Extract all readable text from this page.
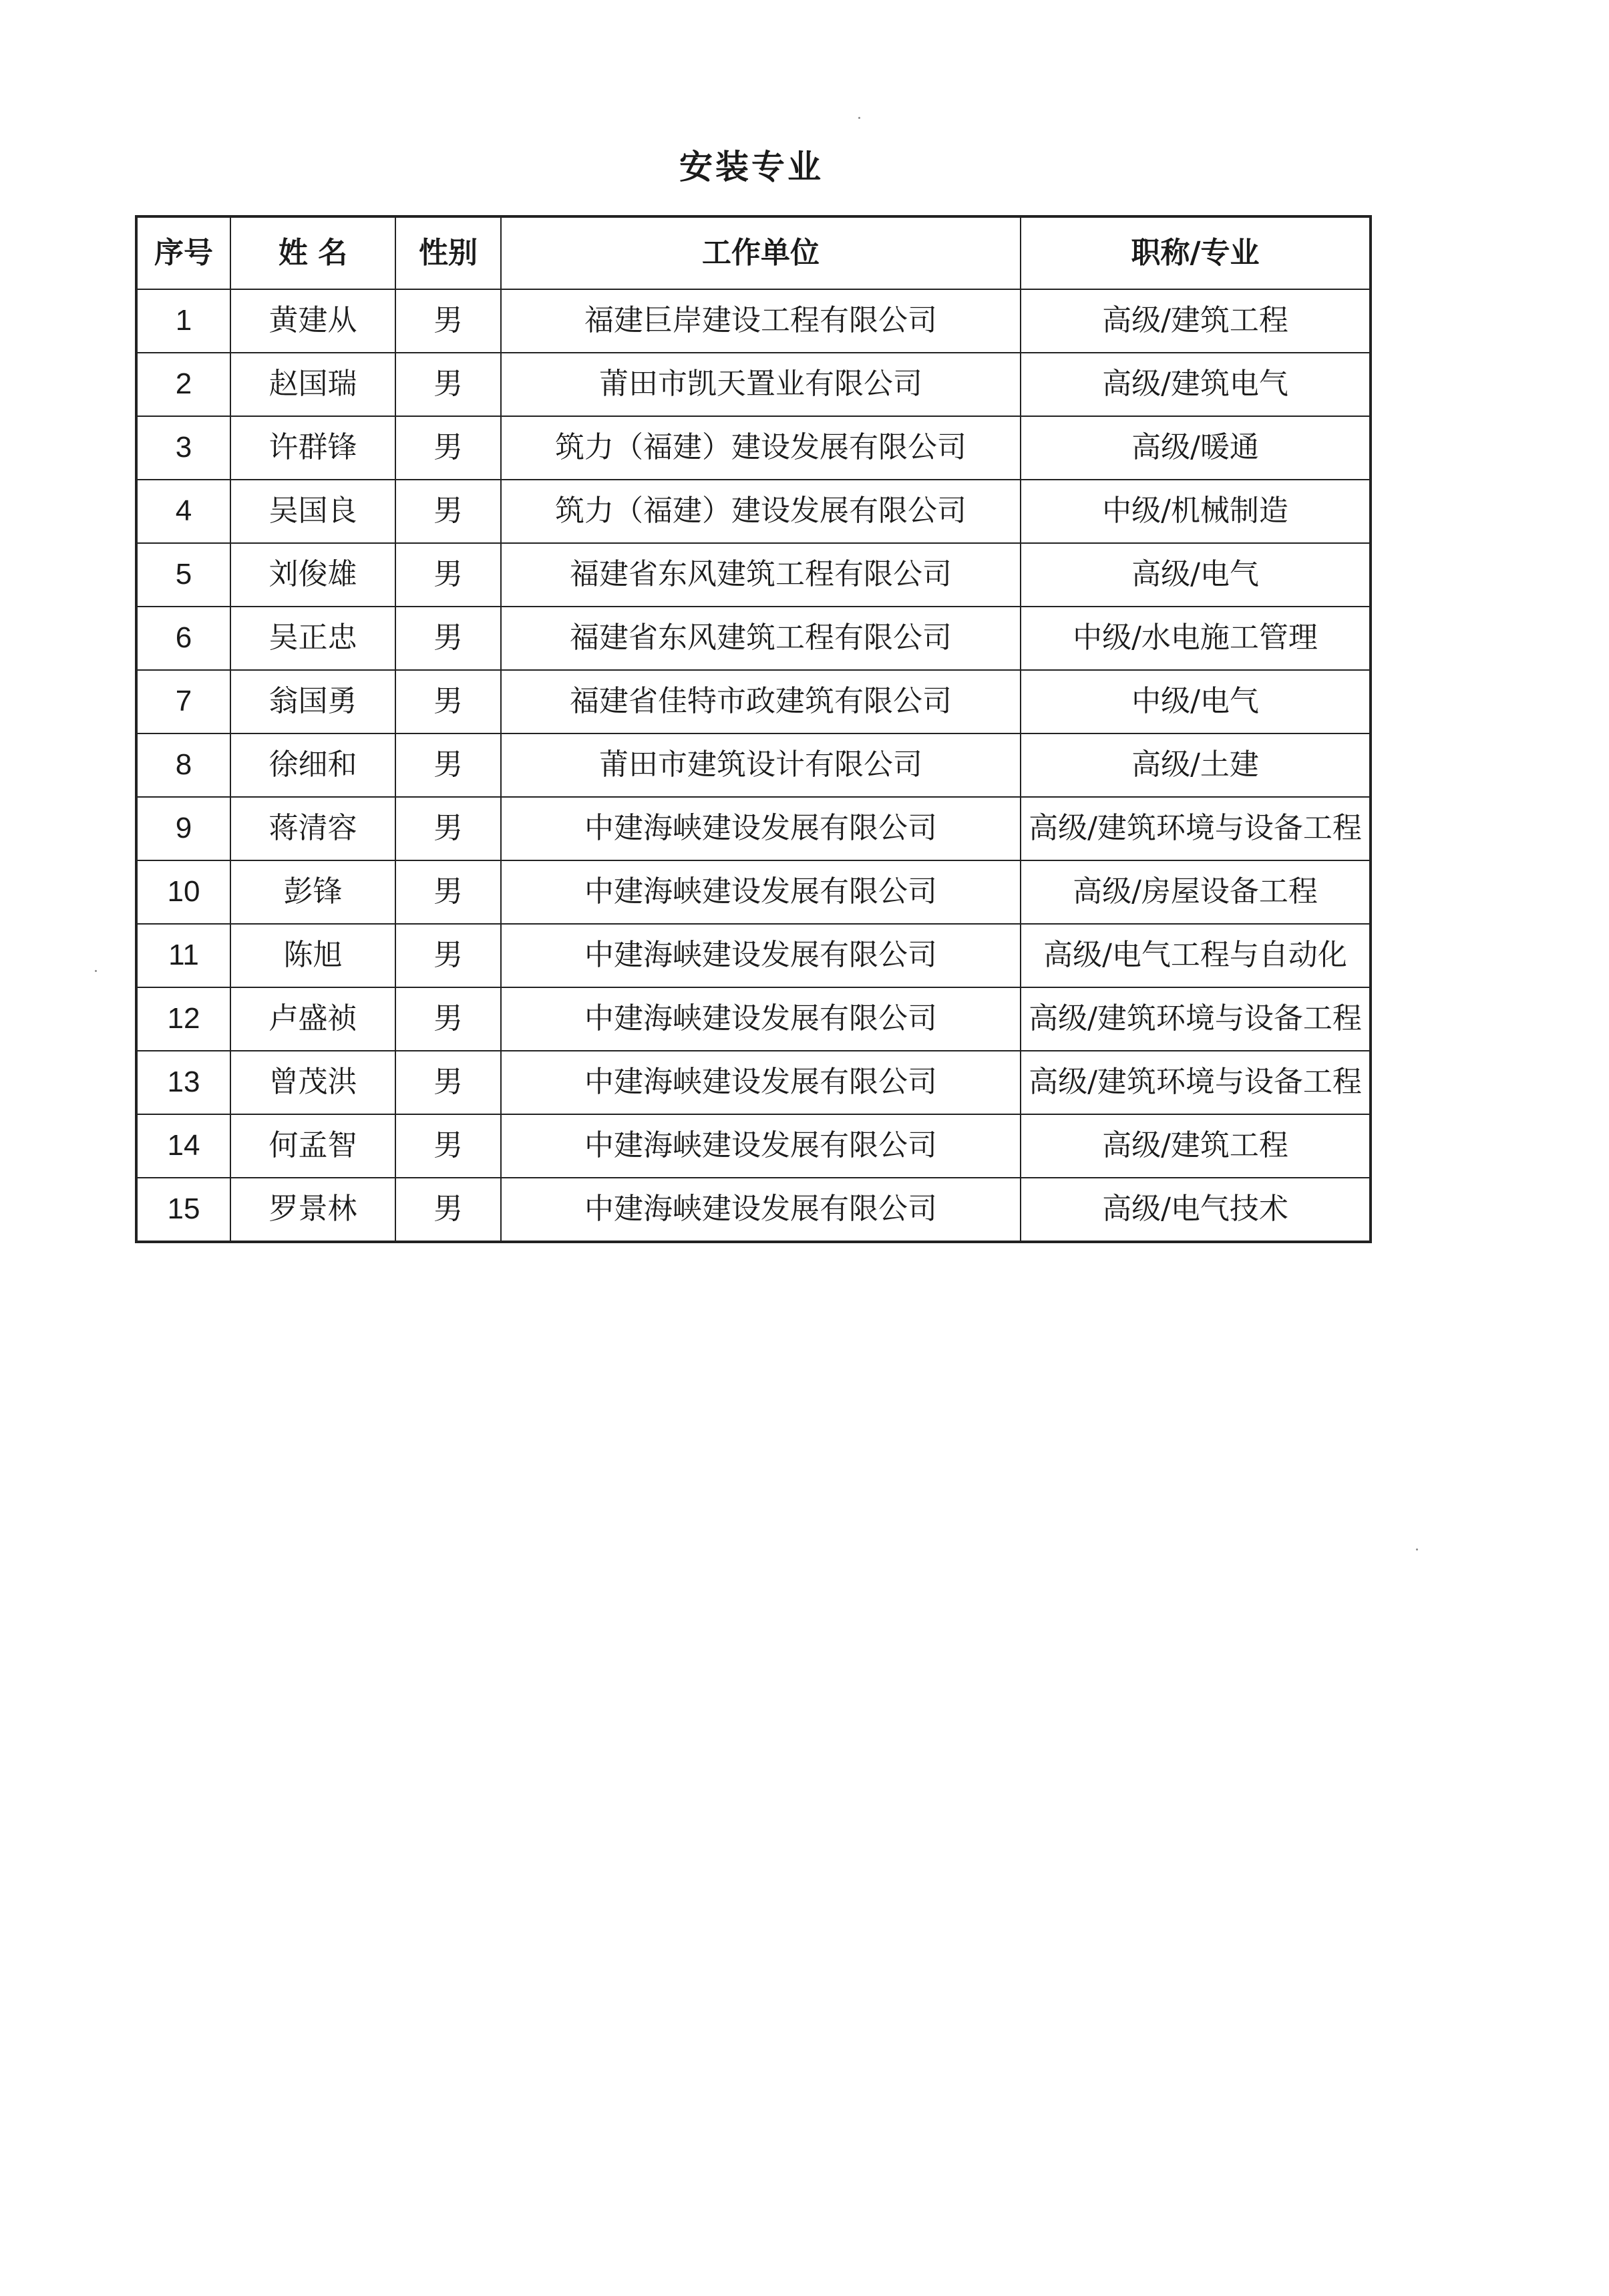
安装专业
序号	姓 名	性别	工作单位	职称/专业
1	黄建从	男	福建巨岸建设工程有限公司	高级/建筑工程
2	赵国瑞	男	莆田市凯天置业有限公司	高级/建筑电气
3	许群锋	男	筑力（福建）建设发展有限公司	高级/暖通
4	吴国良	男	筑力（福建）建设发展有限公司	中级/机械制造
5	刘俊雄	男	福建省东风建筑工程有限公司	高级/电气
6	吴正忠	男	福建省东风建筑工程有限公司	中级/水电施工管理
7	翁国勇	男	福建省佳特市政建筑有限公司	中级/电气
8	徐细和	男	莆田市建筑设计有限公司	高级/土建
9	蒋清容	男	中建海峡建设发展有限公司	高级/建筑环境与设备工程
10	彭锋	男	中建海峡建设发展有限公司	高级/房屋设备工程
11	陈旭	男	中建海峡建设发展有限公司	高级/电气工程与自动化
12	卢盛祯	男	中建海峡建设发展有限公司	高级/建筑环境与设备工程
13	曾茂洪	男	中建海峡建设发展有限公司	高级/建筑环境与设备工程
14	何孟智	男	中建海峡建设发展有限公司	高级/建筑工程
15	罗景林	男	中建海峡建设发展有限公司	高级/电气技术
